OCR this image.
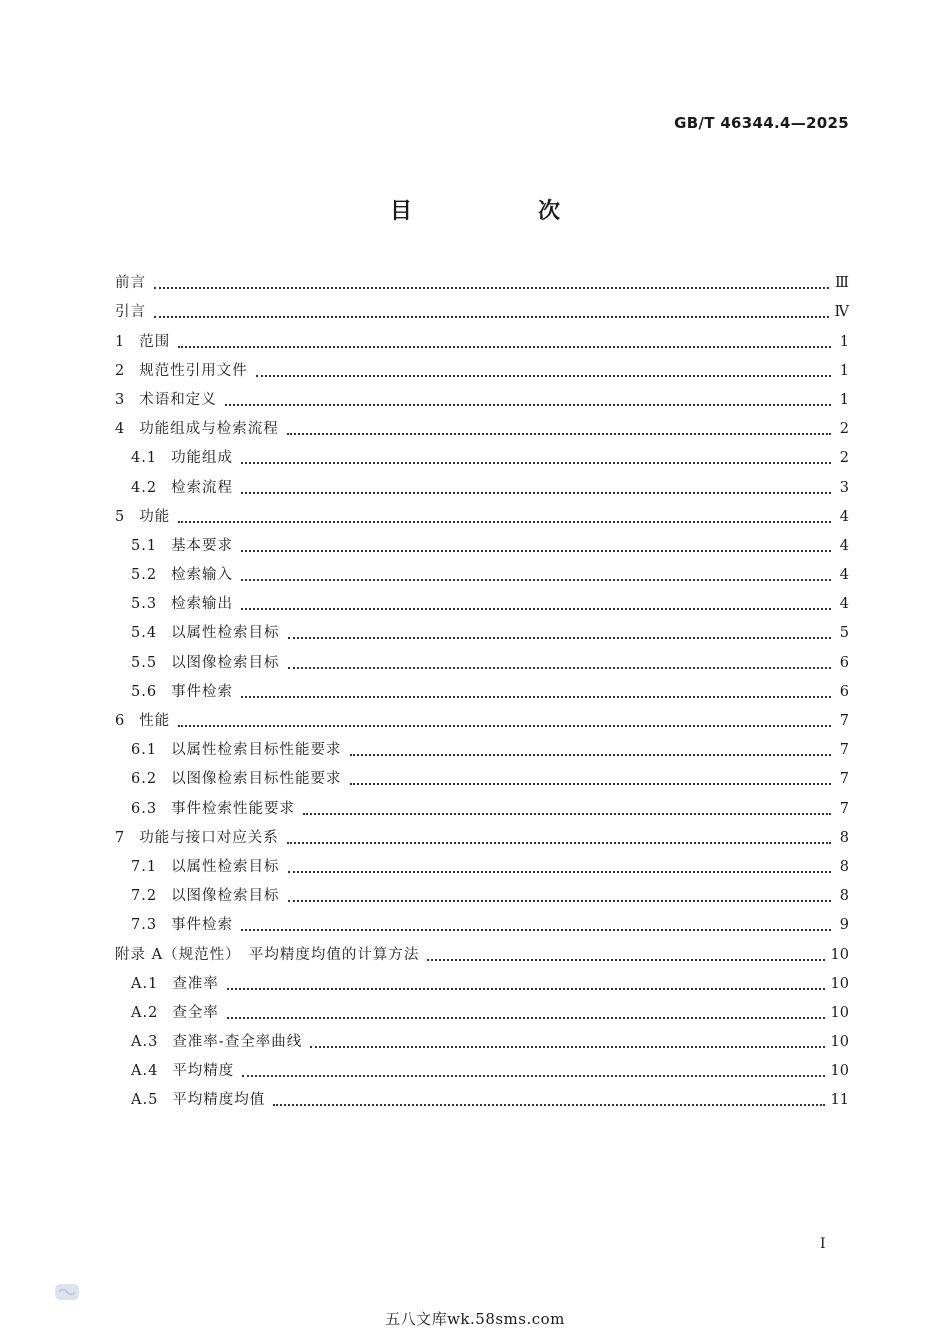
GB/T 46344.4—2025
目　次
前言	Ⅲ
引言	Ⅳ
1 范围	1
2 规范性引用文件	1
3 术语和定义	1
4 功能组成与检索流程	2
4.1 功能组成	2
4.2 检索流程	3
5 功能	4
5.1 基本要求	4
5.2 检索输入	4
5.3 检索输出	4
5.4 以属性检索目标	5
5.5 以图像检索目标	6
5.6 事件检索	6
6 性能	7
6.1 以属性检索目标性能要求	7
6.2 以图像检索目标性能要求	7
6.3 事件检索性能要求	7
7 功能与接口对应关系	8
7.1 以属性检索目标	8
7.2 以图像检索目标	8
7.3 事件检索	9
附录 A（规范性）　平均精度均值的计算方法	10
A.1 查准率	10
A.2 查全率	10
A.3 查准率-查全率曲线	10
A.4 平均精度	10
A.5 平均精度均值	11
Ⅰ
五八文库wk.58sms.com
